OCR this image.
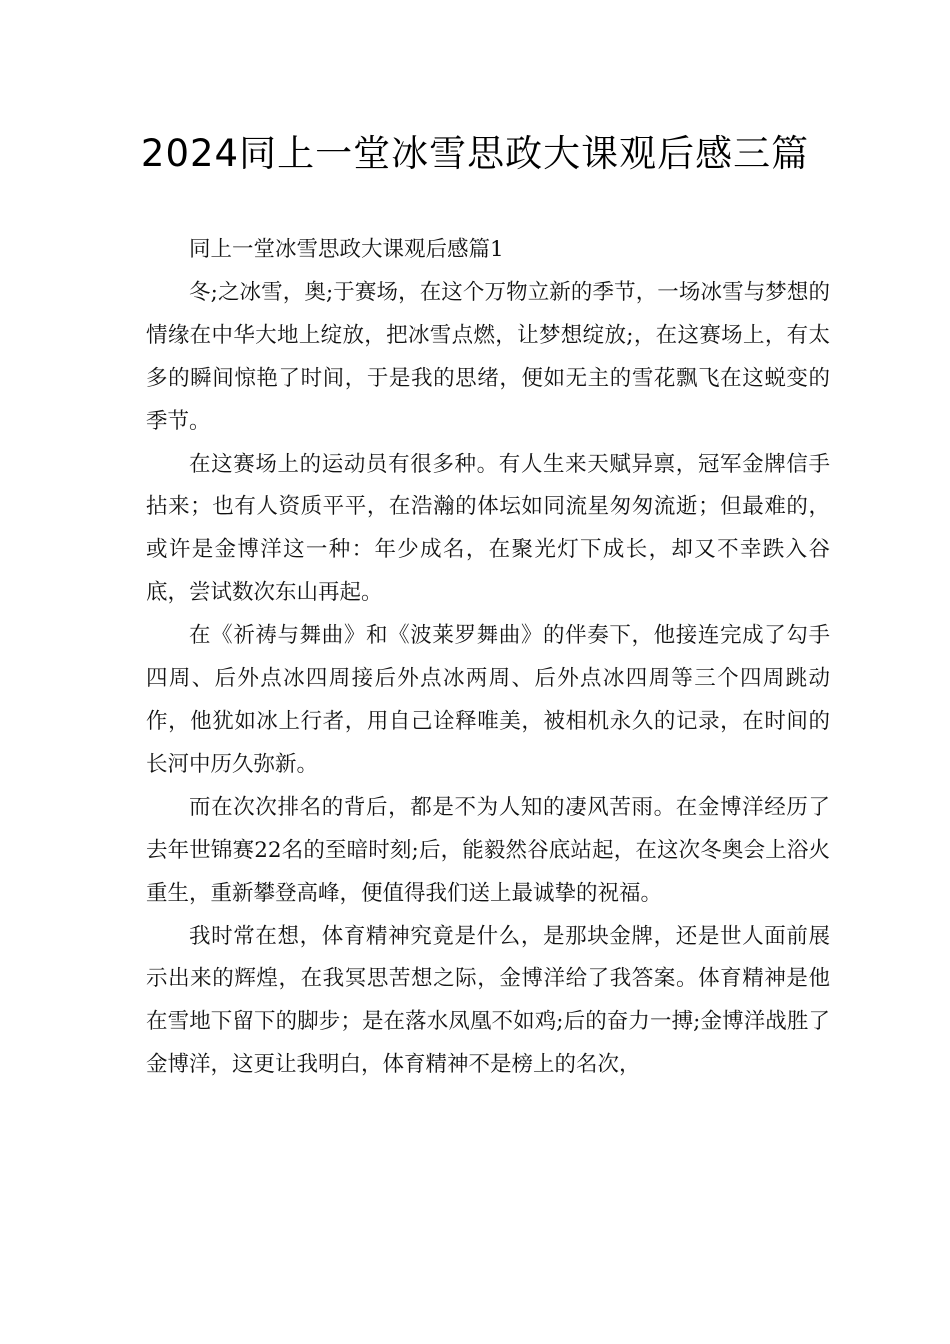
2024同上一堂冰雪思政大课观后感三篇

同上一堂冰雪思政大课观后感篇1

冬;之冰雪，奥;于赛场，在这个万物立新的季节，一场冰雪与梦想的情缘在中华大地上绽放，把冰雪点燃，让梦想绽放;，在这赛场上，有太多的瞬间惊艳了时间，于是我的思绪，便如无主的雪花飘飞在这蜕变的季节。

在这赛场上的运动员有很多种。有人生来天赋异禀，冠军金牌信手拈来；也有人资质平平，在浩瀚的体坛如同流星匆匆流逝；但最难的，或许是金博洋这一种：年少成名，在聚光灯下成长，却又不幸跌入谷底，尝试数次东山再起。

在《祈祷与舞曲》和《波莱罗舞曲》的伴奏下，他接连完成了勾手四周、后外点冰四周接后外点冰两周、后外点冰四周等三个四周跳动作，他犹如冰上行者，用自己诠释唯美，被相机永久的记录，在时间的长河中历久弥新。

而在次次排名的背后，都是不为人知的凄风苦雨。在金博洋经历了去年世锦赛22名的至暗时刻;后，能毅然谷底站起，在这次冬奥会上浴火重生，重新攀登高峰，便值得我们送上最诚挚的祝福。

我时常在想，体育精神究竟是什么，是那块金牌，还是世人面前展示出来的辉煌，在我冥思苦想之际，金博洋给了我答案。体育精神是他在雪地下留下的脚步；是在落水凤凰不如鸡;后的奋力一搏;金博洋战胜了金博洋，这更让我明白，体育精神不是榜上的名次，
